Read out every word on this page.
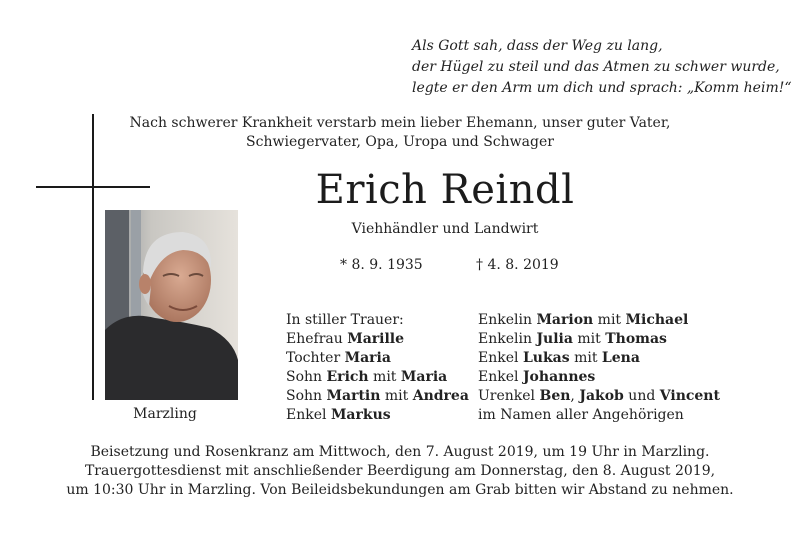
Als Gott sah, dass der Weg zu lang,
der Hügel zu steil und das Atmen zu schwer wurde,
legte er den Arm um dich und sprach: „Komm heim!“
Nach schwerer Krankheit verstarb mein lieber Ehemann, unser guter Vater,
Schwiegervater, Opa, Uropa und Schwager
Erich Reindl
Viehhändler und Landwirt
* 8. 9. 1935	† 4. 8. 2019
Marzling
In stiller Trauer:
Ehefrau Marille
Tochter Maria
Sohn Erich mit Maria
Sohn Martin mit Andrea
Enkel Markus
Enkelin Marion mit Michael
Enkelin Julia mit Thomas
Enkel Lukas mit Lena
Enkel Johannes
Urenkel Ben, Jakob und Vincent
im Namen aller Angehörigen
Beisetzung und Rosenkranz am Mittwoch, den 7. August 2019, um 19 Uhr in Marzling.
Trauergottesdienst mit anschließender Beerdigung am Donnerstag, den 8. August 2019,
um 10:30 Uhr in Marzling. Von Beileidsbekundungen am Grab bitten wir Abstand zu nehmen.
